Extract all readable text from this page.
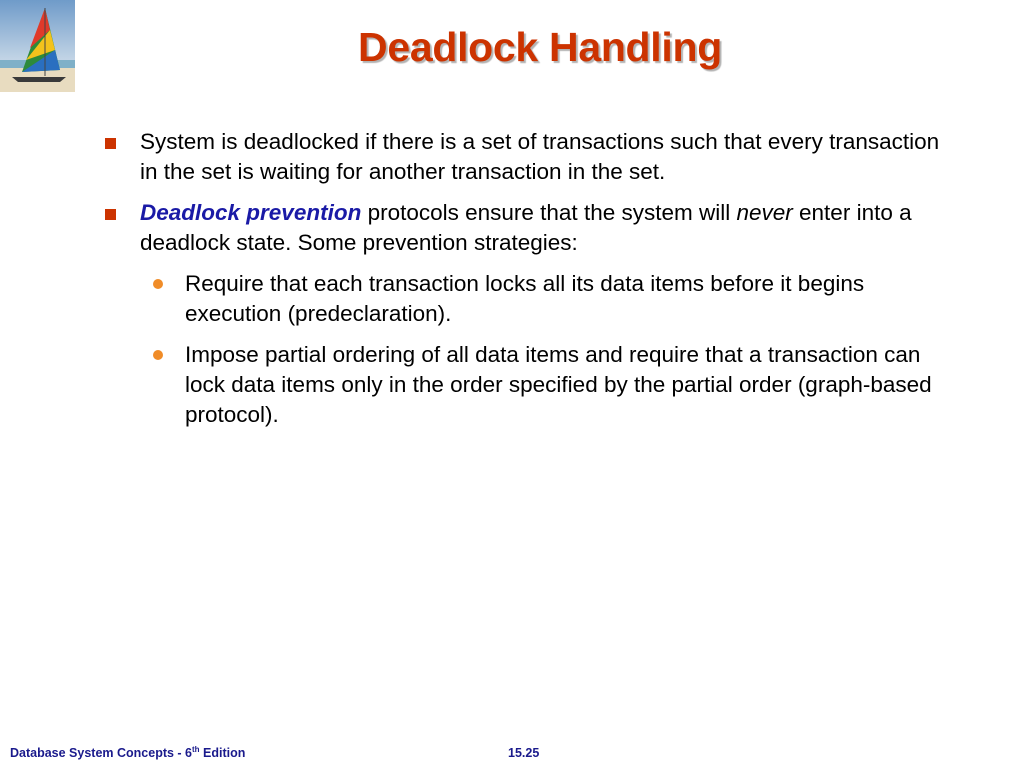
Deadlock Handling
System is deadlocked if there is a set of transactions such that every transaction in the set is waiting for another transaction in the set.
Deadlock prevention protocols ensure that the system will never enter into a deadlock state. Some prevention strategies:
Require that each transaction locks all its data items before it begins execution (predeclaration).
Impose partial ordering of all data items and require that a transaction can lock data items only in the order specified by the partial order (graph-based protocol).
Database System Concepts - 6th Edition	15.25
